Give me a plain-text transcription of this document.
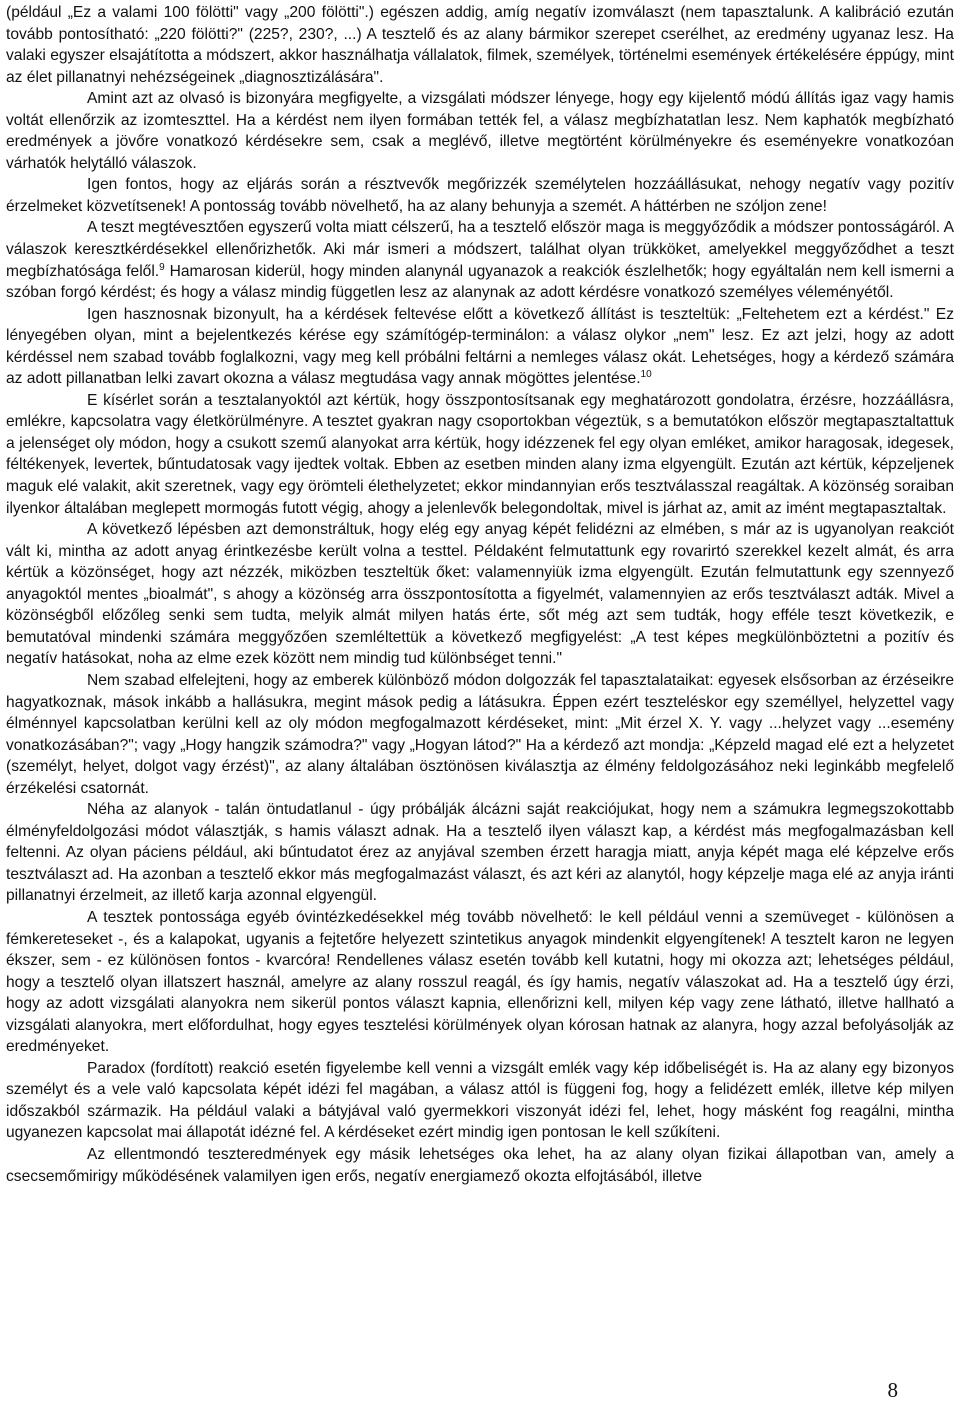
(például „Ez a valami 100 fölötti" vagy „200 fölötti".) egészen addig, amíg negatív izomválaszt (nem tapasztalunk. A kalibráció ezután tovább pontosítható: „220 fölötti?" (225?, 230?, ...) A tesztelő és az alany bármikor szerepet cserélhet, az eredmény ugyanaz lesz. Ha valaki egyszer elsajátította a módszert, akkor használhatja vállalatok, filmek, személyek, történelmi események értékelésére éppúgy, mint az élet pillanatnyi nehézségeinek „diagnosztizálására".

Amint azt az olvasó is bizonyára megfigyelte, a vizsgálati módszer lényege, hogy egy kijelentő módú állítás igaz vagy hamis voltát ellenőrzik az izomteszttel. Ha a kérdést nem ilyen formában tették fel, a válasz megbízhatatlan lesz. Nem kaphatók megbízható eredmények a jövőre vonatkozó kérdésekre sem, csak a meglévő, illetve megtörtént körülményekre és eseményekre vonatkozóan várhatók helytálló válaszok.

Igen fontos, hogy az eljárás során a résztvevők megőrizzék személytelen hozzáállásukat, nehogy negatív vagy pozitív érzelmeket közvetítsenek! A pontosság tovább növelhető, ha az alany behunyja a szemét. A háttérben ne szóljon zene!

A teszt megtévesztően egyszerű volta miatt célszerű, ha a tesztelő először maga is meggyőződik a módszer pontosságáról. A válaszok keresztkérdésekkel ellenőrizhetők. Aki már ismeri a módszert, találhat olyan trükköket, amelyekkel meggyőződhet a teszt megbízhatósága felől.$^9$ Hamarosan kiderül, hogy minden alanynál ugyanazok a reakciók észlelhetők; hogy egyáltalán nem kell ismerni a szóban forgó kérdést; és hogy a válasz mindig független lesz az alanynak az adott kérdésre vonatkozó személyes véleményétől.

Igen hasznosnak bizonyult, ha a kérdések feltevése előtt a következő állítást is teszteltük: „Feltehetem ezt a kérdést." Ez lényegében olyan, mint a bejelentkezés kérése egy számítógép-terminálon: a válasz olykor „nem" lesz. Ez azt jelzi, hogy az adott kérdéssel nem szabad tovább foglalkozni, vagy meg kell próbálni feltárni a nemleges válasz okát. Lehetséges, hogy a kérdező számára az adott pillanatban lelki zavart okozna a válasz megtudása vagy annak mögöttes jelentése.$^{10}$

E kísérlet során a tesztalanyoktól azt kértük, hogy összpontosítsanak egy meghatározott gondolatra, érzésre, hozzáállásra, emlékre, kapcsolatra vagy életkörülményre. A tesztet gyakran nagy csoportokban végeztük, s a bemutatókon először megtapasztaltattuk a jelenséget oly módon, hogy a csukott szemű alanyokat arra kértük, hogy idézzenek fel egy olyan emléket, amikor haragosak, idegesek, féltékenyek, levertek, bűntudatosak vagy ijedtek voltak. Ebben az esetben minden alany izma elgyengült. Ezután azt kértük, képzeljenek maguk elé valakit, akit szeretnek, vagy egy örömteli élethelyzetet; ekkor mindannyian erős tesztválasszal reagáltak. A közönség soraiban ilyenkor általában meglepett mormogás futott végig, ahogy a jelenlevők belegondoltak, mivel is járhat az, amit az imént megtapasztaltak.

A következő lépésben azt demonstráltuk, hogy elég egy anyag képét felidézni az elmében, s már az is ugyanolyan reakciót vált ki, mintha az adott anyag érintkezésbe került volna a testtel. Példaként felmutattunk egy rovarirtó szerekkel kezelt almát, és arra kértük a közönséget, hogy azt nézzék, miközben teszteltük őket: valamennyiük izma elgyengült. Ezután felmutattunk egy szennyező anyagoktól mentes „bioalmát", s ahogy a közönség arra összpontosította a figyelmét, valamennyien az erős tesztválaszt adták. Mivel a közönségből előzőleg senki sem tudta, melyik almát milyen hatás érte, sőt még azt sem tudták, hogy efféle teszt következik, e bemutatóval mindenki számára meggyőzően szemléltettük a következő megfigyelést: „A test képes megkülönböztetni a pozitív és negatív hatásokat, noha az elme ezek között nem mindig tud különbséget tenni."

Nem szabad elfelejteni, hogy az emberek különböző módon dolgozzák fel tapasztalataikat: egyesek elsősorban az érzéseikre hagyatkoznak, mások inkább a hallásukra, megint mások pedig a látásukra. Éppen ezért teszteléskor egy személlyel, helyzettel vagy élménnyel kapcsolatban kerülni kell az oly módon megfogalmazott kérdéseket, mint: „Mit érzel X. Y. vagy ...helyzet vagy ...esemény vonatkozásában?"; vagy „Hogy hangzik számodra?" vagy „Hogyan látod?" Ha a kérdező azt mondja: „Képzeld magad elé ezt a helyzetet (személyt, helyet, dolgot vagy érzést)", az alany általában ösztönösen kiválasztja az élmény feldolgozásához neki leginkább megfelelő érzékelési csatornát.

Néha az alanyok - talán öntudatlanul - úgy próbálják álcázni saját reakciójukat, hogy nem a számukra legmegszokottabb élményfeldolgozási módot választják, s hamis választ adnak. Ha a tesztelő ilyen választ kap, a kérdést más megfogalmazásban kell feltenni. Az olyan páciens például, aki bűntudatot érez az anyjával szemben érzett haragja miatt, anyja képét maga elé képzelve erős tesztválaszt ad. Ha azonban a tesztelő ekkor más megfogalmazást választ, és azt kéri az alanytól, hogy képzelje maga elé az anyja iránti pillanatnyi érzelmeit, az illető karja azonnal elgyengül.

A tesztek pontossága egyéb óvintézkedésekkel még tovább növelhető: le kell például venni a szemüveget - különösen a fémkereteseket -, és a kalapokat, ugyanis a fejtetőre helyezett szintetikus anyagok mindenkit elgyengítenek! A tesztelt karon ne legyen ékszer, sem - ez különösen fontos - kvarcóra! Rendellenes válasz esetén tovább kell kutatni, hogy mi okozza azt; lehetséges például, hogy a tesztelő olyan illatszert használ, amelyre az alany rosszul reagál, és így hamis, negatív válaszokat ad. Ha a tesztelő úgy érzi, hogy az adott vizsgálati alanyokra nem sikerül pontos választ kapnia, ellenőrizni kell, milyen kép vagy zene látható, illetve hallható a vizsgálati alanyokra, mert előfordulhat, hogy egyes tesztelési körülmények olyan kórosan hatnak az alanyra, hogy azzal befolyásolják az eredményeket.

Paradox (fordított) reakció esetén figyelembe kell venni a vizsgált emlék vagy kép időbeliségét is. Ha az alany egy bizonyos személyt és a vele való kapcsolata képét idézi fel magában, a válasz attól is függeni fog, hogy a felidézett emlék, illetve kép milyen időszakból származik. Ha például valaki a bátyjával való gyermekkori viszonyát idézi fel, lehet, hogy másként fog reagálni, mintha ugyanezen kapcsolat mai állapotát idézné fel. A kérdéseket ezért mindig igen pontosan le kell szűkíteni.

Az ellentmondó teszteredmények egy másik lehetséges oka lehet, ha az alany olyan fizikai állapotban van, amely a csecsemőmirigy működésének valamilyen igen erős, negatív energiamező okozta elfojtásából, illetve

8
